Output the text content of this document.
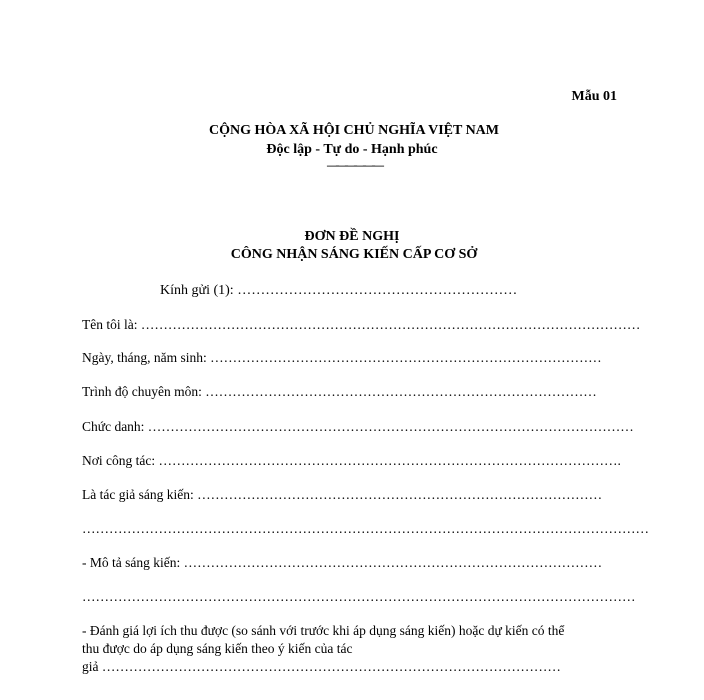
Mẫu 01
CỘNG HÒA XÃ HỘI CHỦ NGHĨA VIỆT NAM
Độc lập - Tự do - Hạnh phúc
——————
ĐƠN ĐỀ NGHỊ
CÔNG NHẬN SÁNG KIẾN CẤP CƠ SỞ
Kính gửi (1): ……………………………………………………
Tên tôi là: …………………………………………………………………………………………………
Ngày, tháng, năm sinh: ……………………………………………………………………………
Trình độ chuyên môn: ……………………………………………………………………………
Chức danh: ………………………………………………………………………………………………
Nơi công tác: ………………………………………………………………………………………….
Là tác giả sáng kiến: ………………………………………………………………………………
………………………………………………………………………………………………………………
- Mô tả sáng kiến: …………………………………………………………………………………
……………………………………………………………………………………………………………
- Đánh giá lợi ích thu được (so sánh với trước khi áp dụng sáng kiến) hoặc dự kiến có thể
thu được do áp dụng sáng kiến theo ý kiến của tác
giả …………………………………………………………………………………………
